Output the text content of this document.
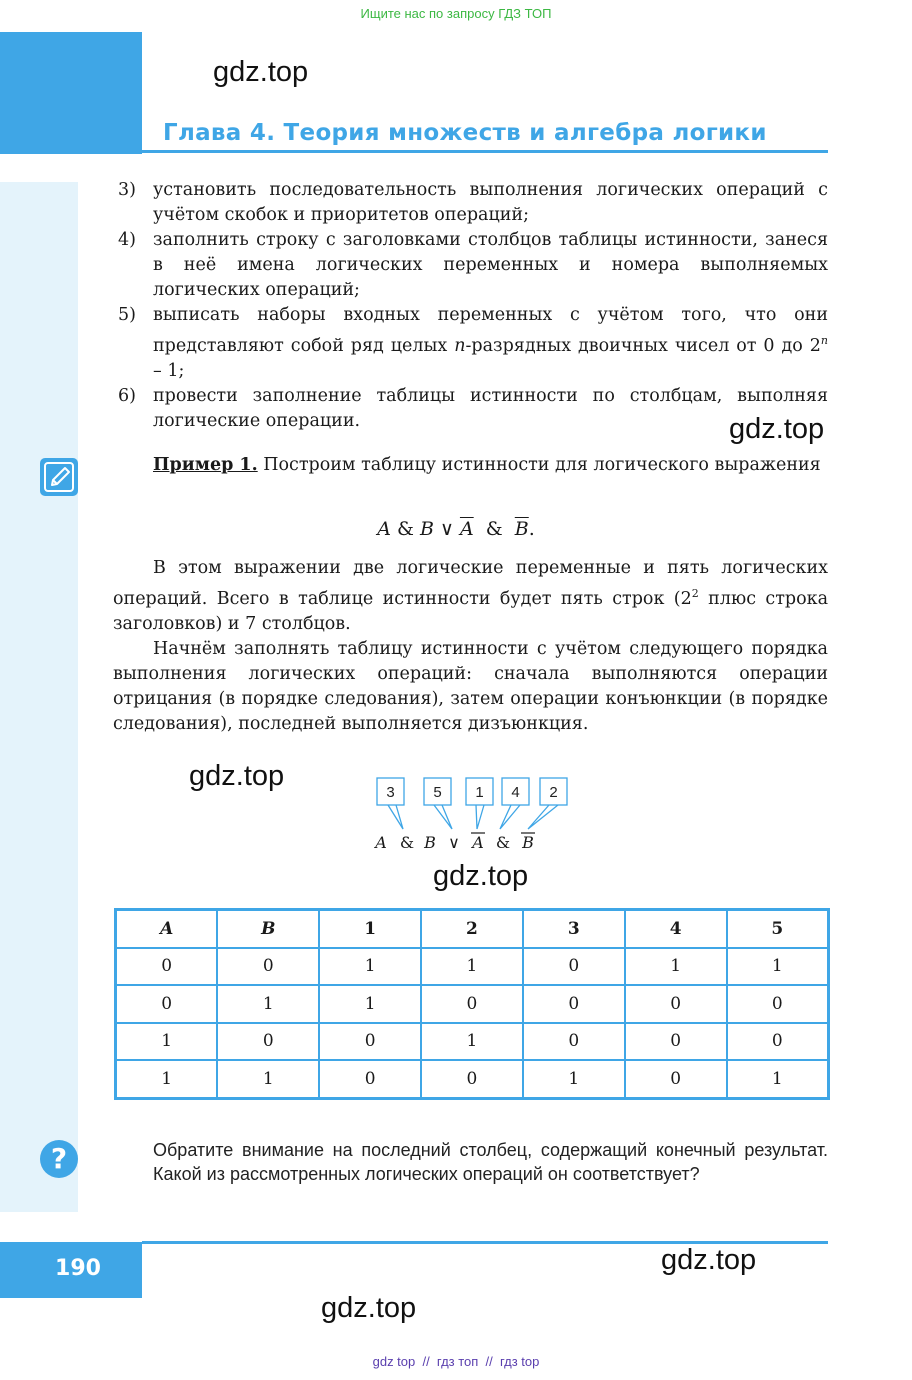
Ищите нас по запросу ГДЗ ТОП
gdz.top
Глава 4. Теория множеств и алгебра логики
3) установить последовательность выполнения логических операций с учётом скобок и приоритетов операций;
4) заполнить строку с заголовками столбцов таблицы истинности, занеся в неё имена логических переменных и номера выполняемых логических операций;
5) выписать наборы входных переменных с учётом того, что они представляют собой ряд целых n-разрядных двоичных чисел от 0 до 2$^n$ – 1;
6) провести заполнение таблицы истинности по столбцам, выполняя логические операции.	gdz.top
Пример 1. Построим таблицу истинности для логического выражения
A & B ∨ $\overline{A}$ & $\overline{B}$.

В этом выражении две логические переменные и пять логических операций. Всего в таблице истинности будет пять строк ($2^2$ плюс строка заголовков) и 7 столбцов.

Начнём заполнять таблицу истинности с учётом следующего порядка выполнения логических операций: сначала выполняются операции отрицания (в порядке следования), затем операции конъюнкции (в порядке следования), последней выполняется дизъюнкция.

gdz.top
3	5 1 4 2
A & B ∨ A & B
gdz.top
A	B	1	2	3	4	5
0	0	1	1	0	1	1
0	1	1	0	0	0	0
1	0	0	1	0	0	0
1	1	0	0	1	0	1
?	Обратите внимание на последний столбец, содержащий конечный результат. Какой из рассмотренных логических операций он соответствует?
190	gdz.top
gdz.top
gdz top  //  гдз топ  //  гдз top
